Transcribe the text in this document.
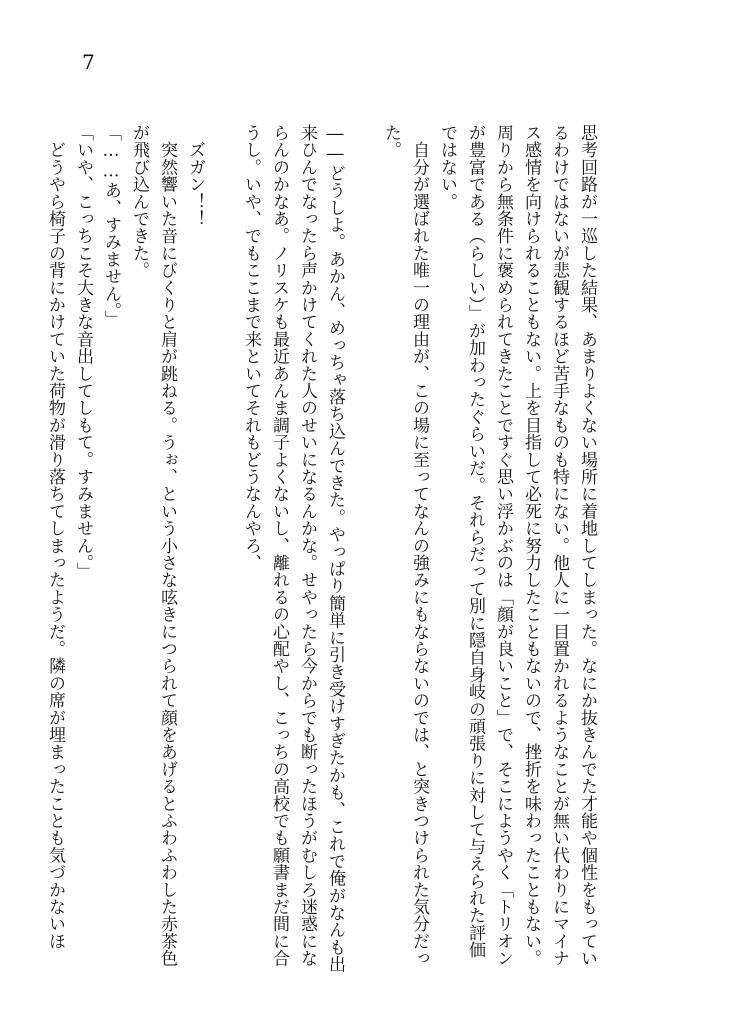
7

思考回路が一巡した結果、あまりよくない場所に着地してしまった。なにか抜きんでた才能や個性をもっているわけではないが悲観するほど苦手なものも特にない。他人に一目置かれるようなことが無い代わりにマイナス感情を向けられることもない。上を目指して必死に努力したこともないので、挫折を味わったこともない。周りから無条件に褒められてきたことですぐ思い浮かぶのは「顔が良いこと」で、そこにようやく「トリオンが豊富である（らしい）」が加わったぐらいだ。それらだって別に隠自身岐の頑張りに対して与えられた評価ではない。

　自分が選ばれた唯一の理由が、この場に至ってなんの強みにもならないのでは、と突きつけられた気分だった。

――どうしよ。あかん、めっちゃ落ち込んできた。やっぱり簡単に引き受けすぎたかも、これで俺がなんも出来ひんでなったら声かけてくれた人のせいになるんかな。せやったら今からでも断ったほうがむしろ迷惑にならんのかなあ。ノリスケも最近あんま調子よくないし、離れるの心配やし、こっちの高校でも願書まだ間に合うし。いや、でもここまで来といてそれもどうなんやろ、

　ズガン！！

　突然響いた音にびくりと肩が跳ねる。うぉ、という小さな呟きにつられて顔をあげるとふわふわした赤茶色が飛び込んできた。

「……あ、すみません。」

「いや、こっちこそ大きな音出してしもて。すみません。」

　どうやら椅子の背にかけていた荷物が滑り落ちてしまったようだ。隣の席が埋まったことも気づかないほ
